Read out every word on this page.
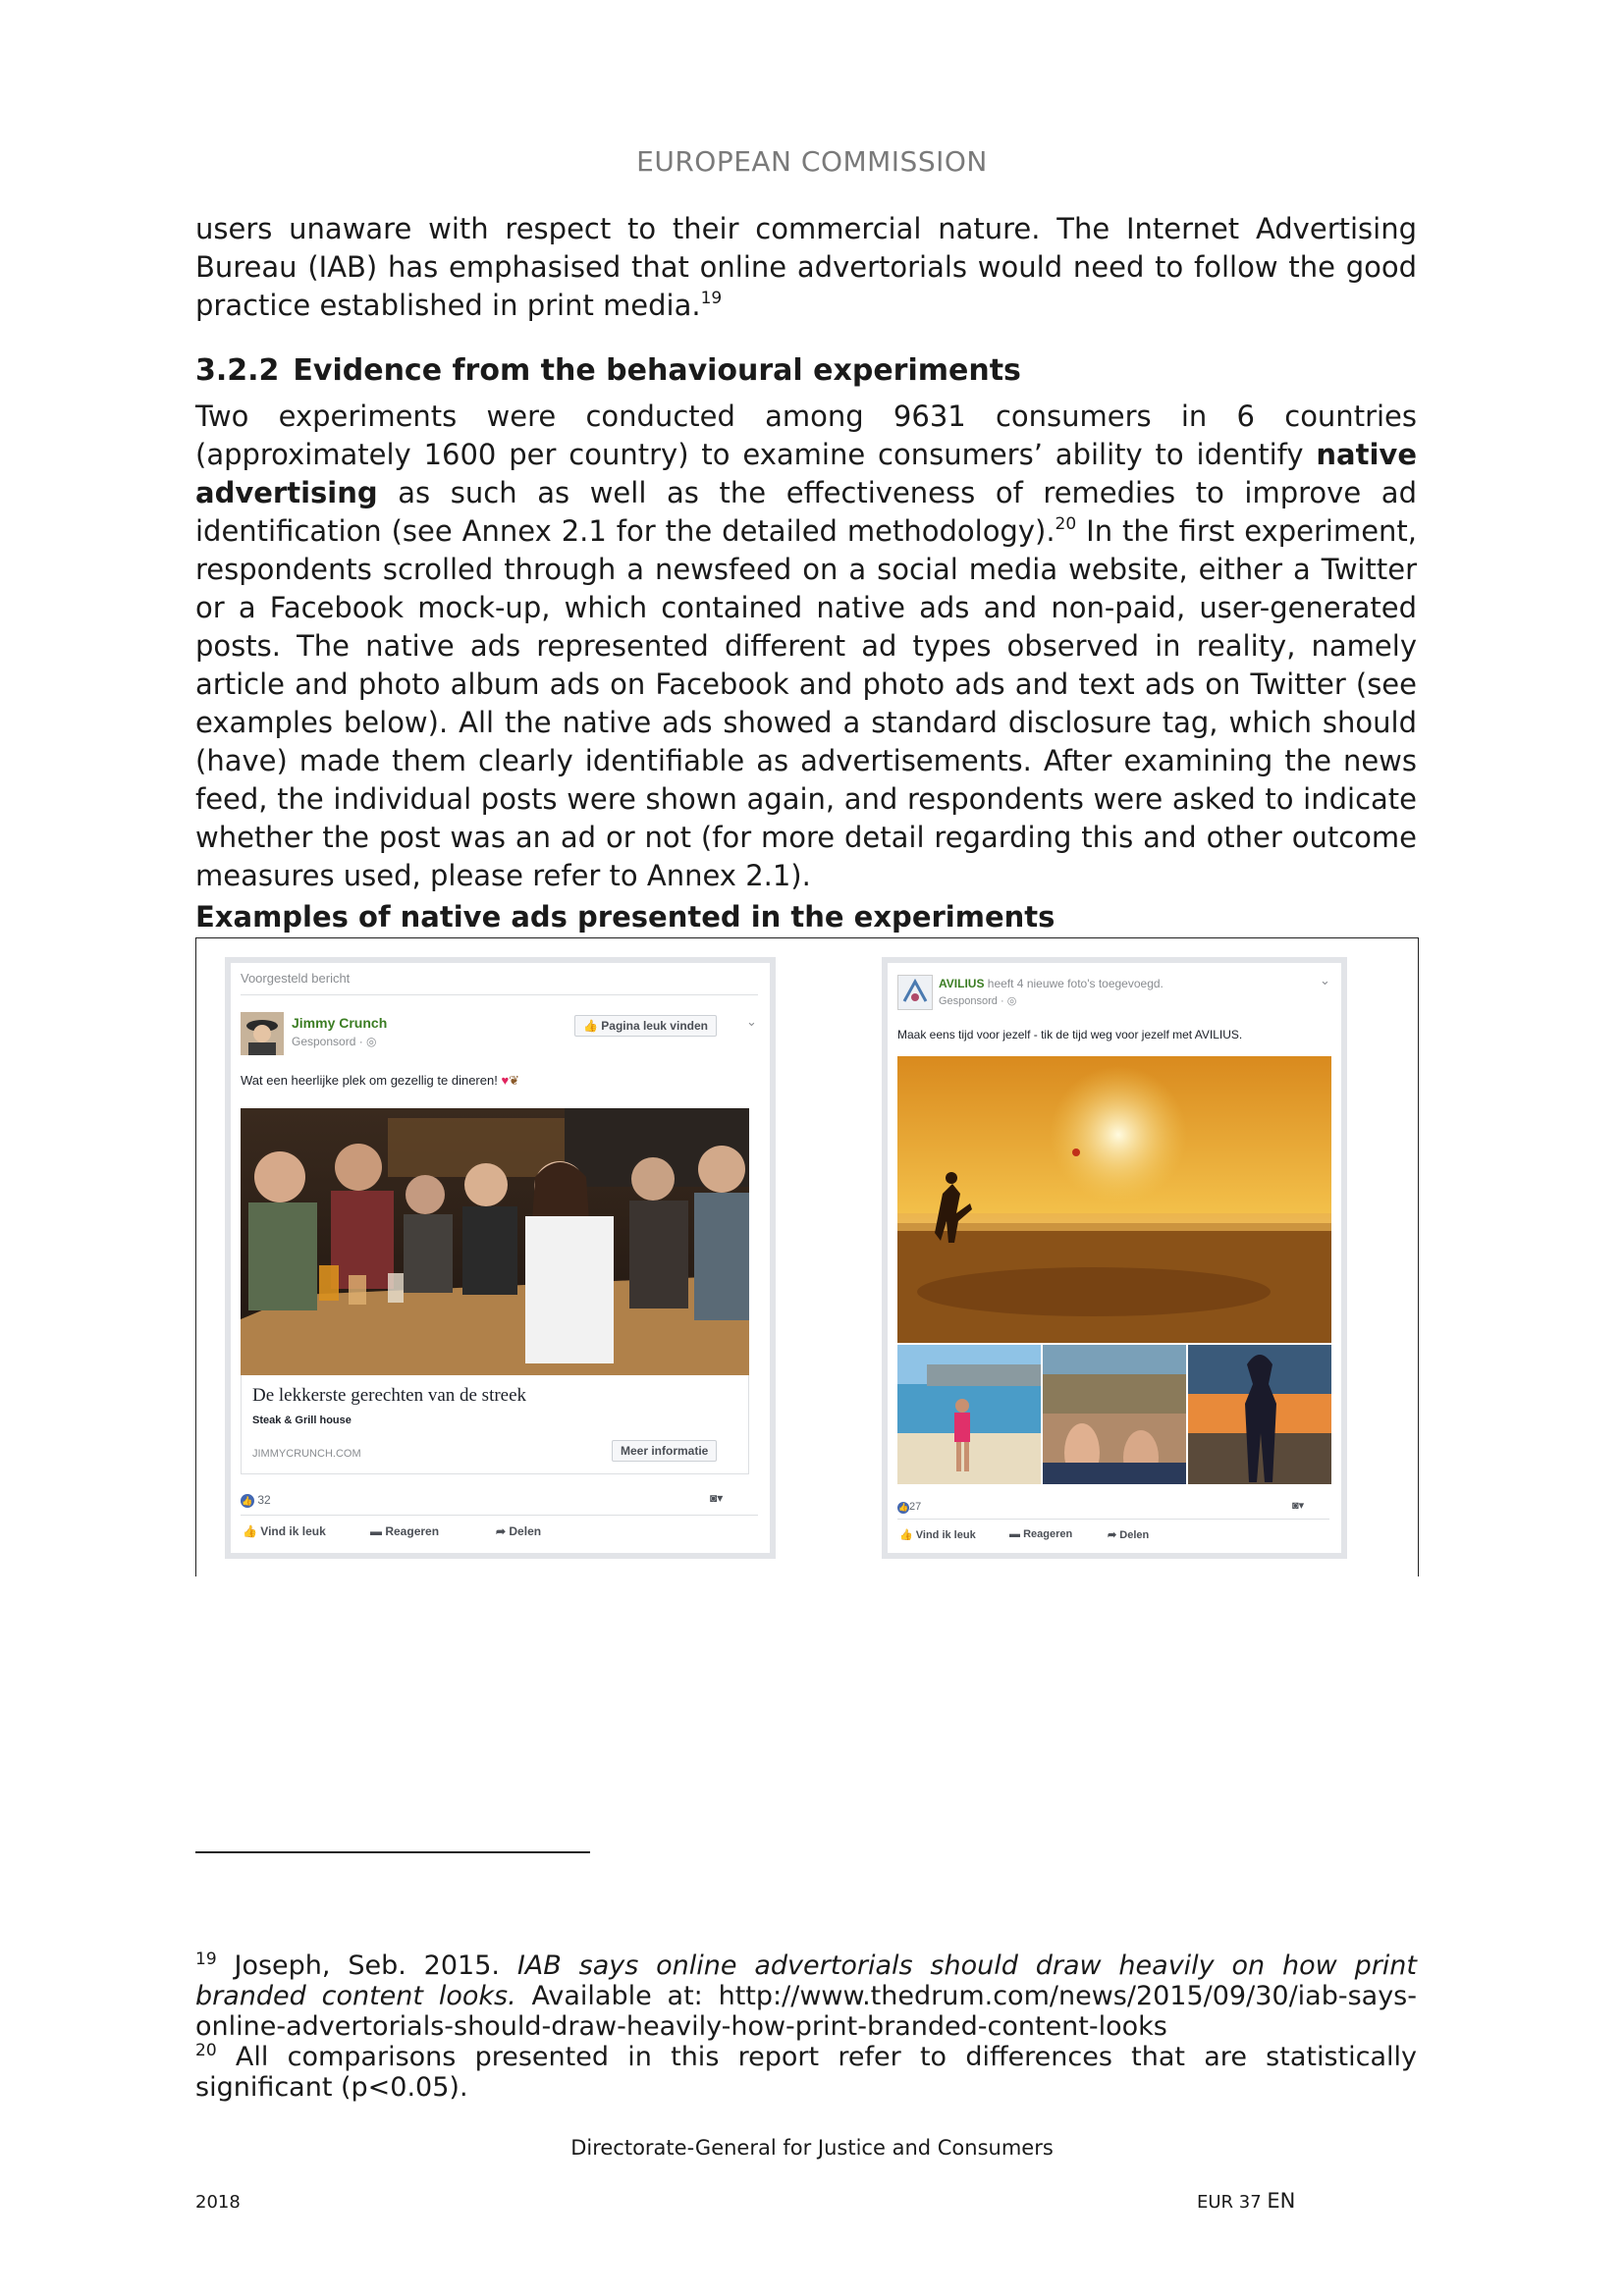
EUROPEAN COMMISSION
users unaware with respect to their commercial nature. The Internet Advertising Bureau (IAB) has emphasised that online advertorials would need to follow the good practice established in print media.$^{19}$
3.2.2 Evidence from the behavioural experiments
Two experiments were conducted among 9631 consumers in 6 countries (approximately 1600 per country) to examine consumers’ ability to identify native advertising as such as well as the effectiveness of remedies to improve ad identification (see Annex 2.1 for the detailed methodology).$^{20}$ In the first experiment, respondents scrolled through a newsfeed on a social media website, either a Twitter or a Facebook mock-up, which contained native ads and non-paid, user-generated posts. The native ads represented different ad types observed in reality, namely article and photo album ads on Facebook and photo ads and text ads on Twitter (see examples below). All the native ads showed a standard disclosure tag, which should (have) made them clearly identifiable as advertisements. After examining the news feed, the individual posts were shown again, and respondents were asked to indicate whether the post was an ad or not (for more detail regarding this and other outcome measures used, please refer to Annex 2.1).
Examples of native ads presented in the experiments
Voorgesteld bericht
Jimmy Crunch
Gesponsord · ◎
👍 Pagina leuk vinden	⌄
Wat een heerlijke plek om gezellig te dineren! ♥❦
De lekkerste gerechten van de streek
Steak & Grill house
JIMMYCRUNCH.COM	Meer informatie
👍 32	◙▾
👍 Vind ik leuk	▬ Reageren	➦ Delen
AVILIUS heeft 4 nieuwe foto's toegevoegd.
Gesponsord · ◎
⌄
Maak eens tijd voor jezelf - tik de tijd weg voor jezelf met AVILIUS.
👍27	◙▾
👍 Vind ik leuk	▬ Reageren	➦ Delen
$^{19}$ Joseph, Seb. 2015. IAB says online advertorials should draw heavily on how print branded content looks. Available at: http://www.thedrum.com/news/2015/09/30/iab-says-online-advertorials-should-draw-heavily-how-print-branded-content-looks
$^{20}$ All comparisons presented in this report refer to differences that are statistically significant (p<0.05).
Directorate-General for Justice and Consumers
2018	EUR 37 EN
